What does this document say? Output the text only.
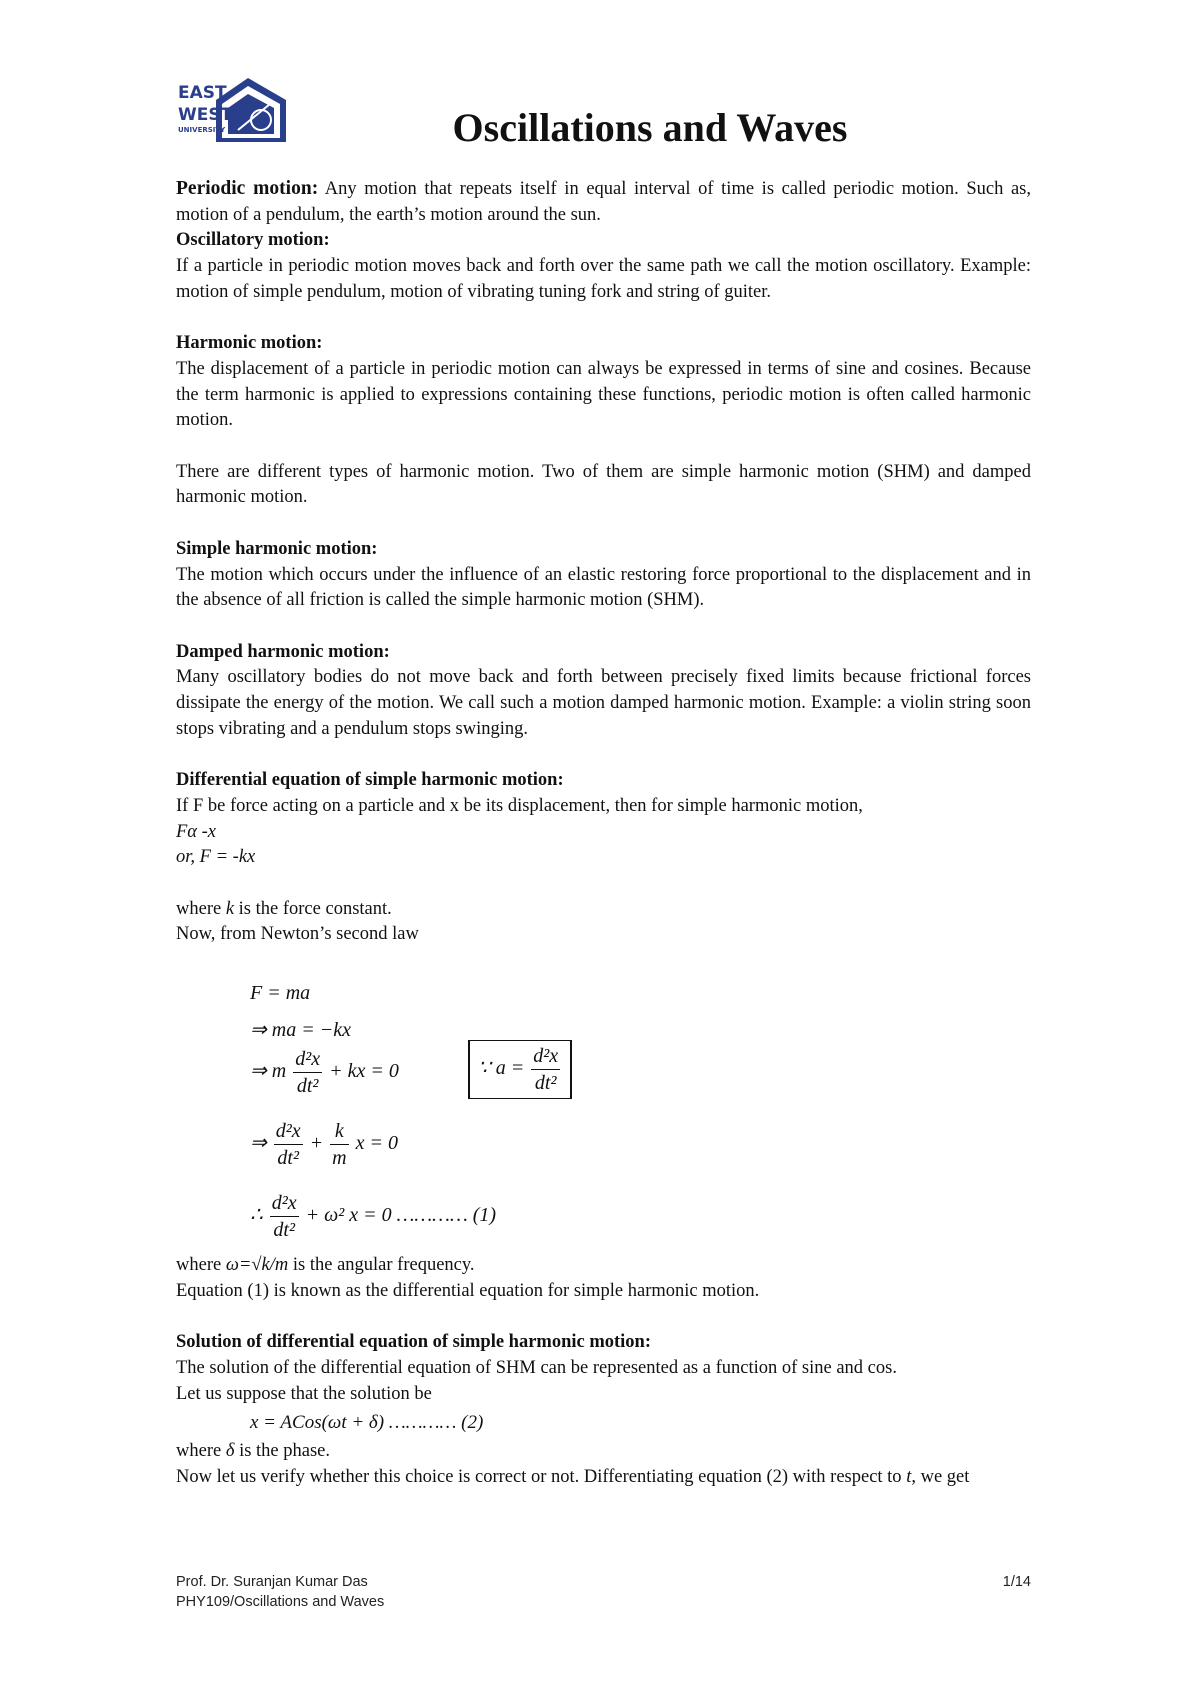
EAST
WEST
UNIVERSITY	Oscillations and Waves

Periodic motion: Any motion that repeats itself in equal interval of time is called periodic motion. Such as, motion of a pendulum, the earth’s motion around the sun.

Oscillatory motion:

If a particle in periodic motion moves back and forth over the same path we call the motion oscillatory. Example: motion of simple pendulum, motion of vibrating tuning fork and string of guiter.

Harmonic motion:

The displacement of a particle in periodic motion can always be expressed in terms of sine and cosines. Because the term harmonic is applied to expressions containing these functions, periodic motion is often called harmonic motion.

There are different types of harmonic motion. Two of them are simple harmonic motion (SHM) and damped harmonic motion.

Simple harmonic motion:

The motion which occurs under the influence of an elastic restoring force proportional to the displacement and in the absence of all friction is called the simple harmonic motion (SHM).

Damped harmonic motion:

Many oscillatory bodies do not move back and forth between precisely fixed limits because frictional forces dissipate the energy of the motion. We call such a motion damped harmonic motion. Example: a violin string soon stops vibrating and a pendulum stops swinging.

Differential equation of simple harmonic motion:

If F be force acting on a particle and x be its displacement, then for simple harmonic motion,

Fα -x

or, F = -kx

where k is the force constant.

Now, from Newton’s second law

F = ma
⇒ ma = −kx
⇒ m $\frac{\text{d²x}}{\text{dt²}}$ + kx = 0	∵ $a = \frac{\text{d²x}}{\text{dt²}}$
⇒ $\frac{\text{d²x}}{\text{dt²}} + \frac{k}{m}$ x = 0
∴ $\frac{\text{d²x}}{\text{dt²}} + \omega^2$ x = 0 ………… (1)

where ω=√k/m is the angular frequency.

Equation (1) is known as the differential equation for simple harmonic motion.

Solution of differential equation of simple harmonic motion:

The solution of the differential equation of SHM can be represented as a function of sine and cos.

Let us suppose that the solution be

x = ACos(ωt + δ) ………… (2)

where δ is the phase.

Now let us verify whether this choice is correct or not. Differentiating equation (2) with respect to t, we get

Prof. Dr. Suranjan Kumar Das
PHY109/Oscillations and Waves
1/14
